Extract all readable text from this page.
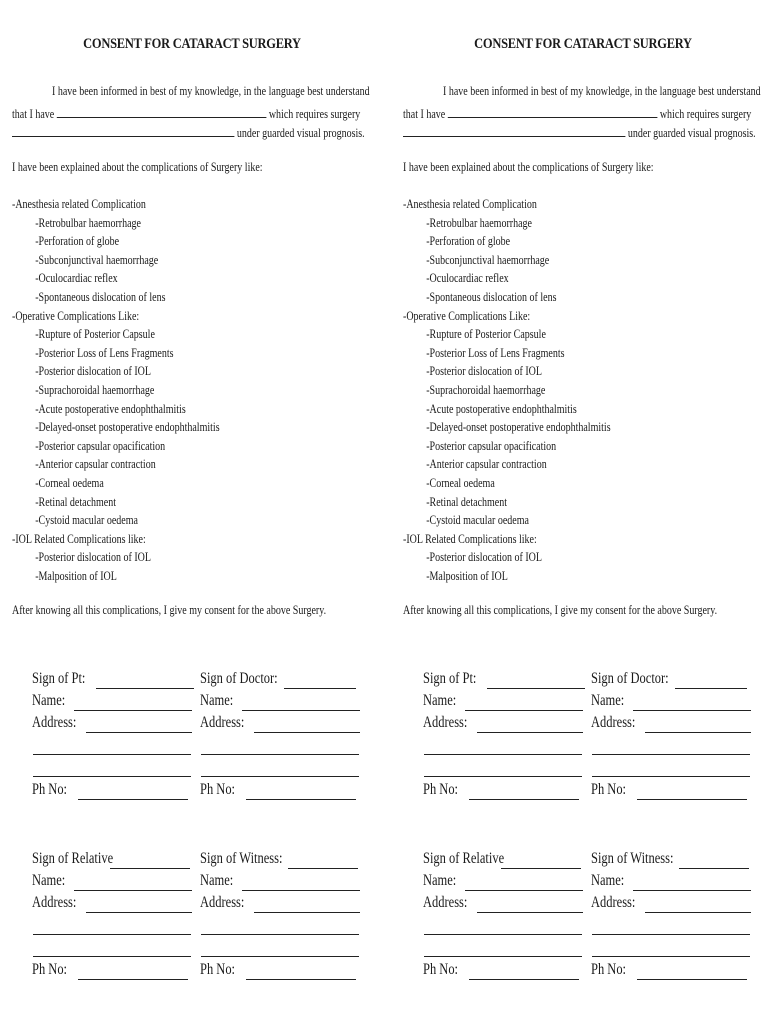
CONSENT FOR CATARACT SURGERY
I have been informed in best of my knowledge, in the language best understand
that I have	which requires surgery
under guarded visual prognosis.
I have been explained about the complications of Surgery like:
-Anesthesia related Complication
-Retrobulbar haemorrhage
-Perforation of globe
-Subconjunctival haemorrhage
-Oculocardiac reflex
-Spontaneous dislocation of lens
-Operative Complications Like:
-Rupture of Posterior Capsule
-Posterior Loss of Lens Fragments
-Posterior dislocation of IOL
-Suprachoroidal haemorrhage
-Acute postoperative endophthalmitis
-Delayed-onset postoperative endophthalmitis
-Posterior capsular opacification
-Anterior capsular contraction
-Corneal oedema
-Retinal detachment
-Cystoid macular oedema
-IOL Related Complications like:
-Posterior dislocation of IOL
-Malposition of IOL
After knowing all this complications, I give my consent for the above Surgery.
Sign of Pt:
Name:
Address:
Ph No:
Sign of Doctor:
Name:
Address:
Ph No:
Sign of Relative
Name:
Address:
Ph No:
Sign of Witness:
Name:
Address:
Ph No:
CONSENT FOR CATARACT SURGERY
I have been informed in best of my knowledge, in the language best understand
that I have	which requires surgery
under guarded visual prognosis.
I have been explained about the complications of Surgery like:
-Anesthesia related Complication
-Retrobulbar haemorrhage
-Perforation of globe
-Subconjunctival haemorrhage
-Oculocardiac reflex
-Spontaneous dislocation of lens
-Operative Complications Like:
-Rupture of Posterior Capsule
-Posterior Loss of Lens Fragments
-Posterior dislocation of IOL
-Suprachoroidal haemorrhage
-Acute postoperative endophthalmitis
-Delayed-onset postoperative endophthalmitis
-Posterior capsular opacification
-Anterior capsular contraction
-Corneal oedema
-Retinal detachment
-Cystoid macular oedema
-IOL Related Complications like:
-Posterior dislocation of IOL
-Malposition of IOL
After knowing all this complications, I give my consent for the above Surgery.
Sign of Pt:
Name:
Address:
Ph No:
Sign of Doctor:
Name:
Address:
Ph No:
Sign of Relative
Name:
Address:
Ph No:
Sign of Witness:
Name:
Address:
Ph No:
